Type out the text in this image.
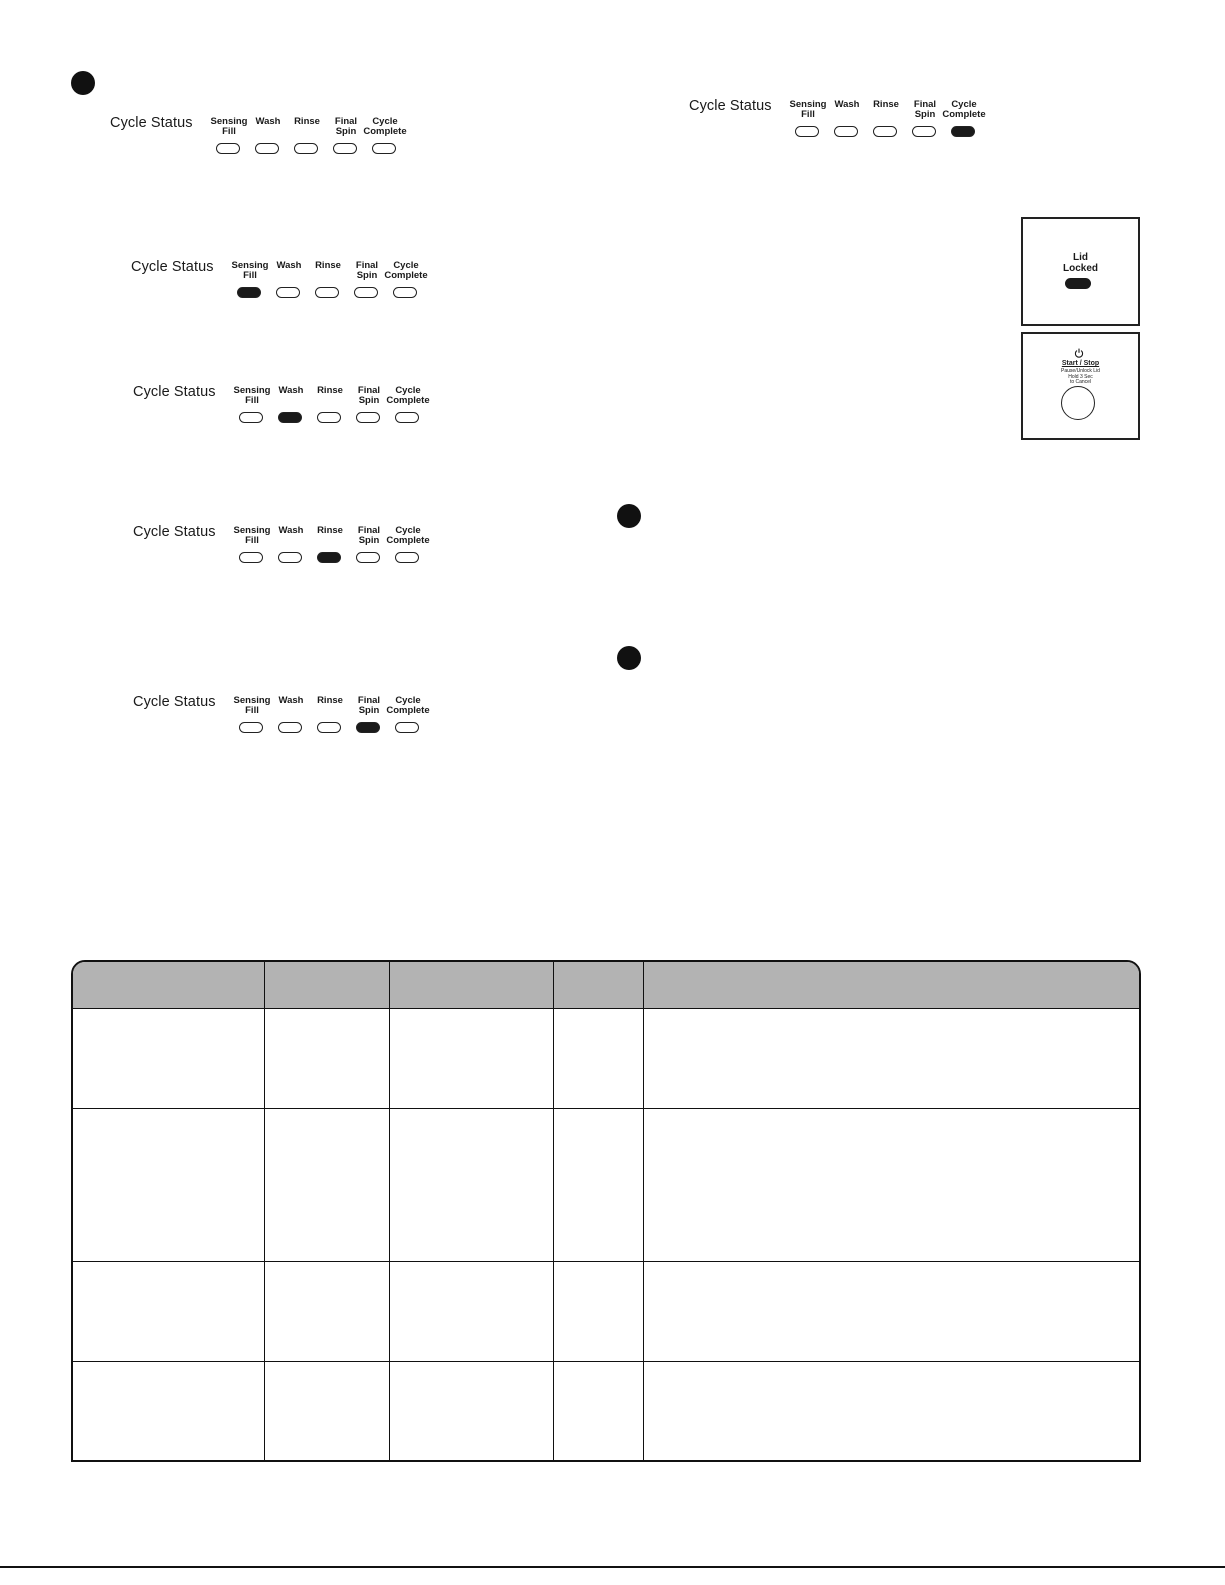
Cycle Status	Sensing
Fill
Wash	Rinse	Final
Spin
Cycle
Complete
Cycle Status	Sensing
Fill
Wash	Rinse	Final
Spin
Cycle
Complete
Cycle Status	Sensing
Fill
Wash	Rinse	Final
Spin
Cycle
Complete
Cycle Status	Sensing
Fill
Wash	Rinse	Final
Spin
Cycle
Complete
Cycle Status	Sensing
Fill
Wash	Rinse	Final
Spin
Cycle
Complete
Cycle Status	Sensing
Fill
Wash	Rinse	Final
Spin
Cycle
Complete
Lid
Locked
Start / Stop
Pause/Unlock Lid
Hold 3 Sec
to Cancel
